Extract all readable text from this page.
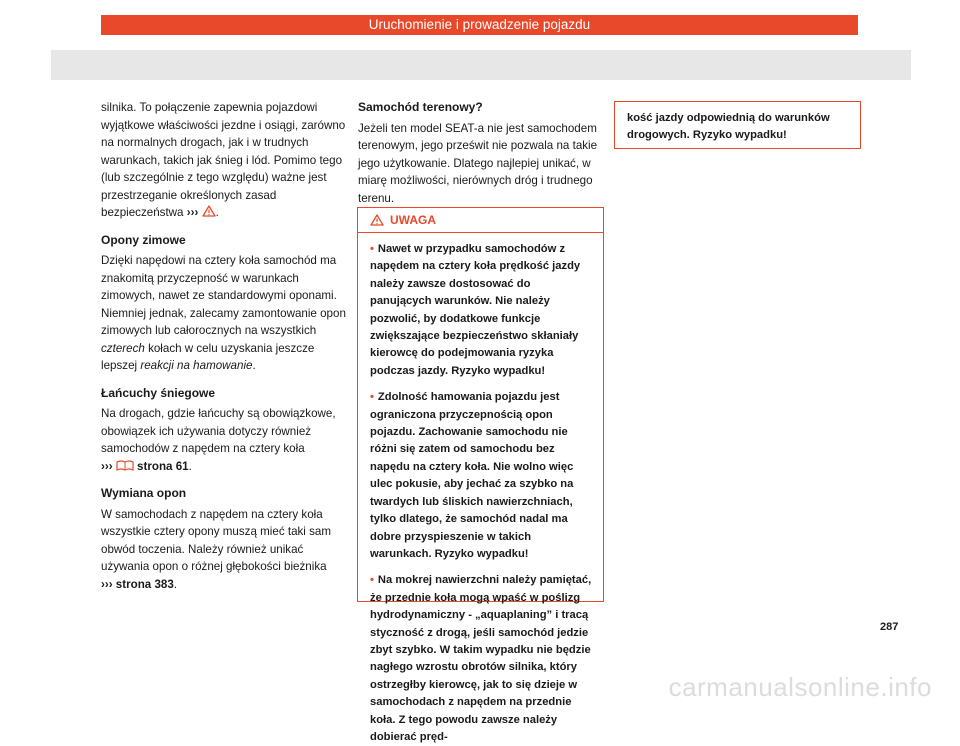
Uruchomienie i prowadzenie pojazdu

silnika. To połączenie zapewnia pojazdowi wyjątkowe właściwości jezdne i osiągi, zarówno na normalnych drogach, jak i w trudnych warunkach, takich jak śnieg i lód. Pomimo tego (lub szczególnie z tego względu) ważne jest przestrzeganie określonych zasad bezpieczeństwa ››› .

Opony zimowe

Dzięki napędowi na cztery koła samochód ma znakomitą przyczepność w warunkach zimowych, nawet ze standardowymi oponami. Niemniej jednak, zalecamy zamontowanie opon zimowych lub całorocznych na wszystkich czterech kołach w celu uzyskania jeszcze lepszej reakcji na hamowanie.

Łańcuchy śniegowe

Na drogach, gdzie łańcuchy są obowiązkowe, obowiązek ich używania dotyczy również samochodów z napędem na cztery koła
›››  strona 61.

Wymiana opon

W samochodach z napędem na cztery koła wszystkie cztery opony muszą mieć taki sam obwód toczenia. Należy również unikać używania opon o różnej głębokości bieżnika
››› strona 383.

Samochód terenowy?

Jeżeli ten model SEAT-a nie jest samochodem terenowym, jego prześwit nie pozwala na takie jego użytkowanie. Dlatego najlepiej unikać, w miarę możliwości, nierównych dróg i trudnego terenu.

UWAGA

• Nawet w przypadku samochodów z napędem na cztery koła prędkość jazdy należy zawsze dostosować do panujących warunków. Nie należy pozwolić, by dodatkowe funkcje zwiększające bezpieczeństwo skłaniały kierowcę do podejmowania ryzyka podczas jazdy. Ryzyko wypadku!

• Zdolność hamowania pojazdu jest ograniczona przyczepnością opon pojazdu. Zachowanie samochodu nie różni się zatem od samochodu bez napędu na cztery koła. Nie wolno więc ulec pokusie, aby jechać za szybko na twardych lub śliskich nawierzchniach, tylko dlatego, że samochód nadal ma dobre przyspieszenie w takich warunkach. Ryzyko wypadku!

• Na mokrej nawierzchni należy pamiętać, że przednie koła mogą wpaść w poślizg hydrodynamiczny - „aquaplaning” i tracą styczność z drogą, jeśli samochód jedzie zbyt szybko. W takim wypadku nie będzie nagłego wzrostu obrotów silnika, który ostrzegłby kierowcę, jak to się dzieje w samochodach z napędem na przednie koła. Z tego powodu zawsze należy dobierać pręd-

kość jazdy odpowiednią do warunków drogowych. Ryzyko wypadku!
287
carmanualsonline.info
